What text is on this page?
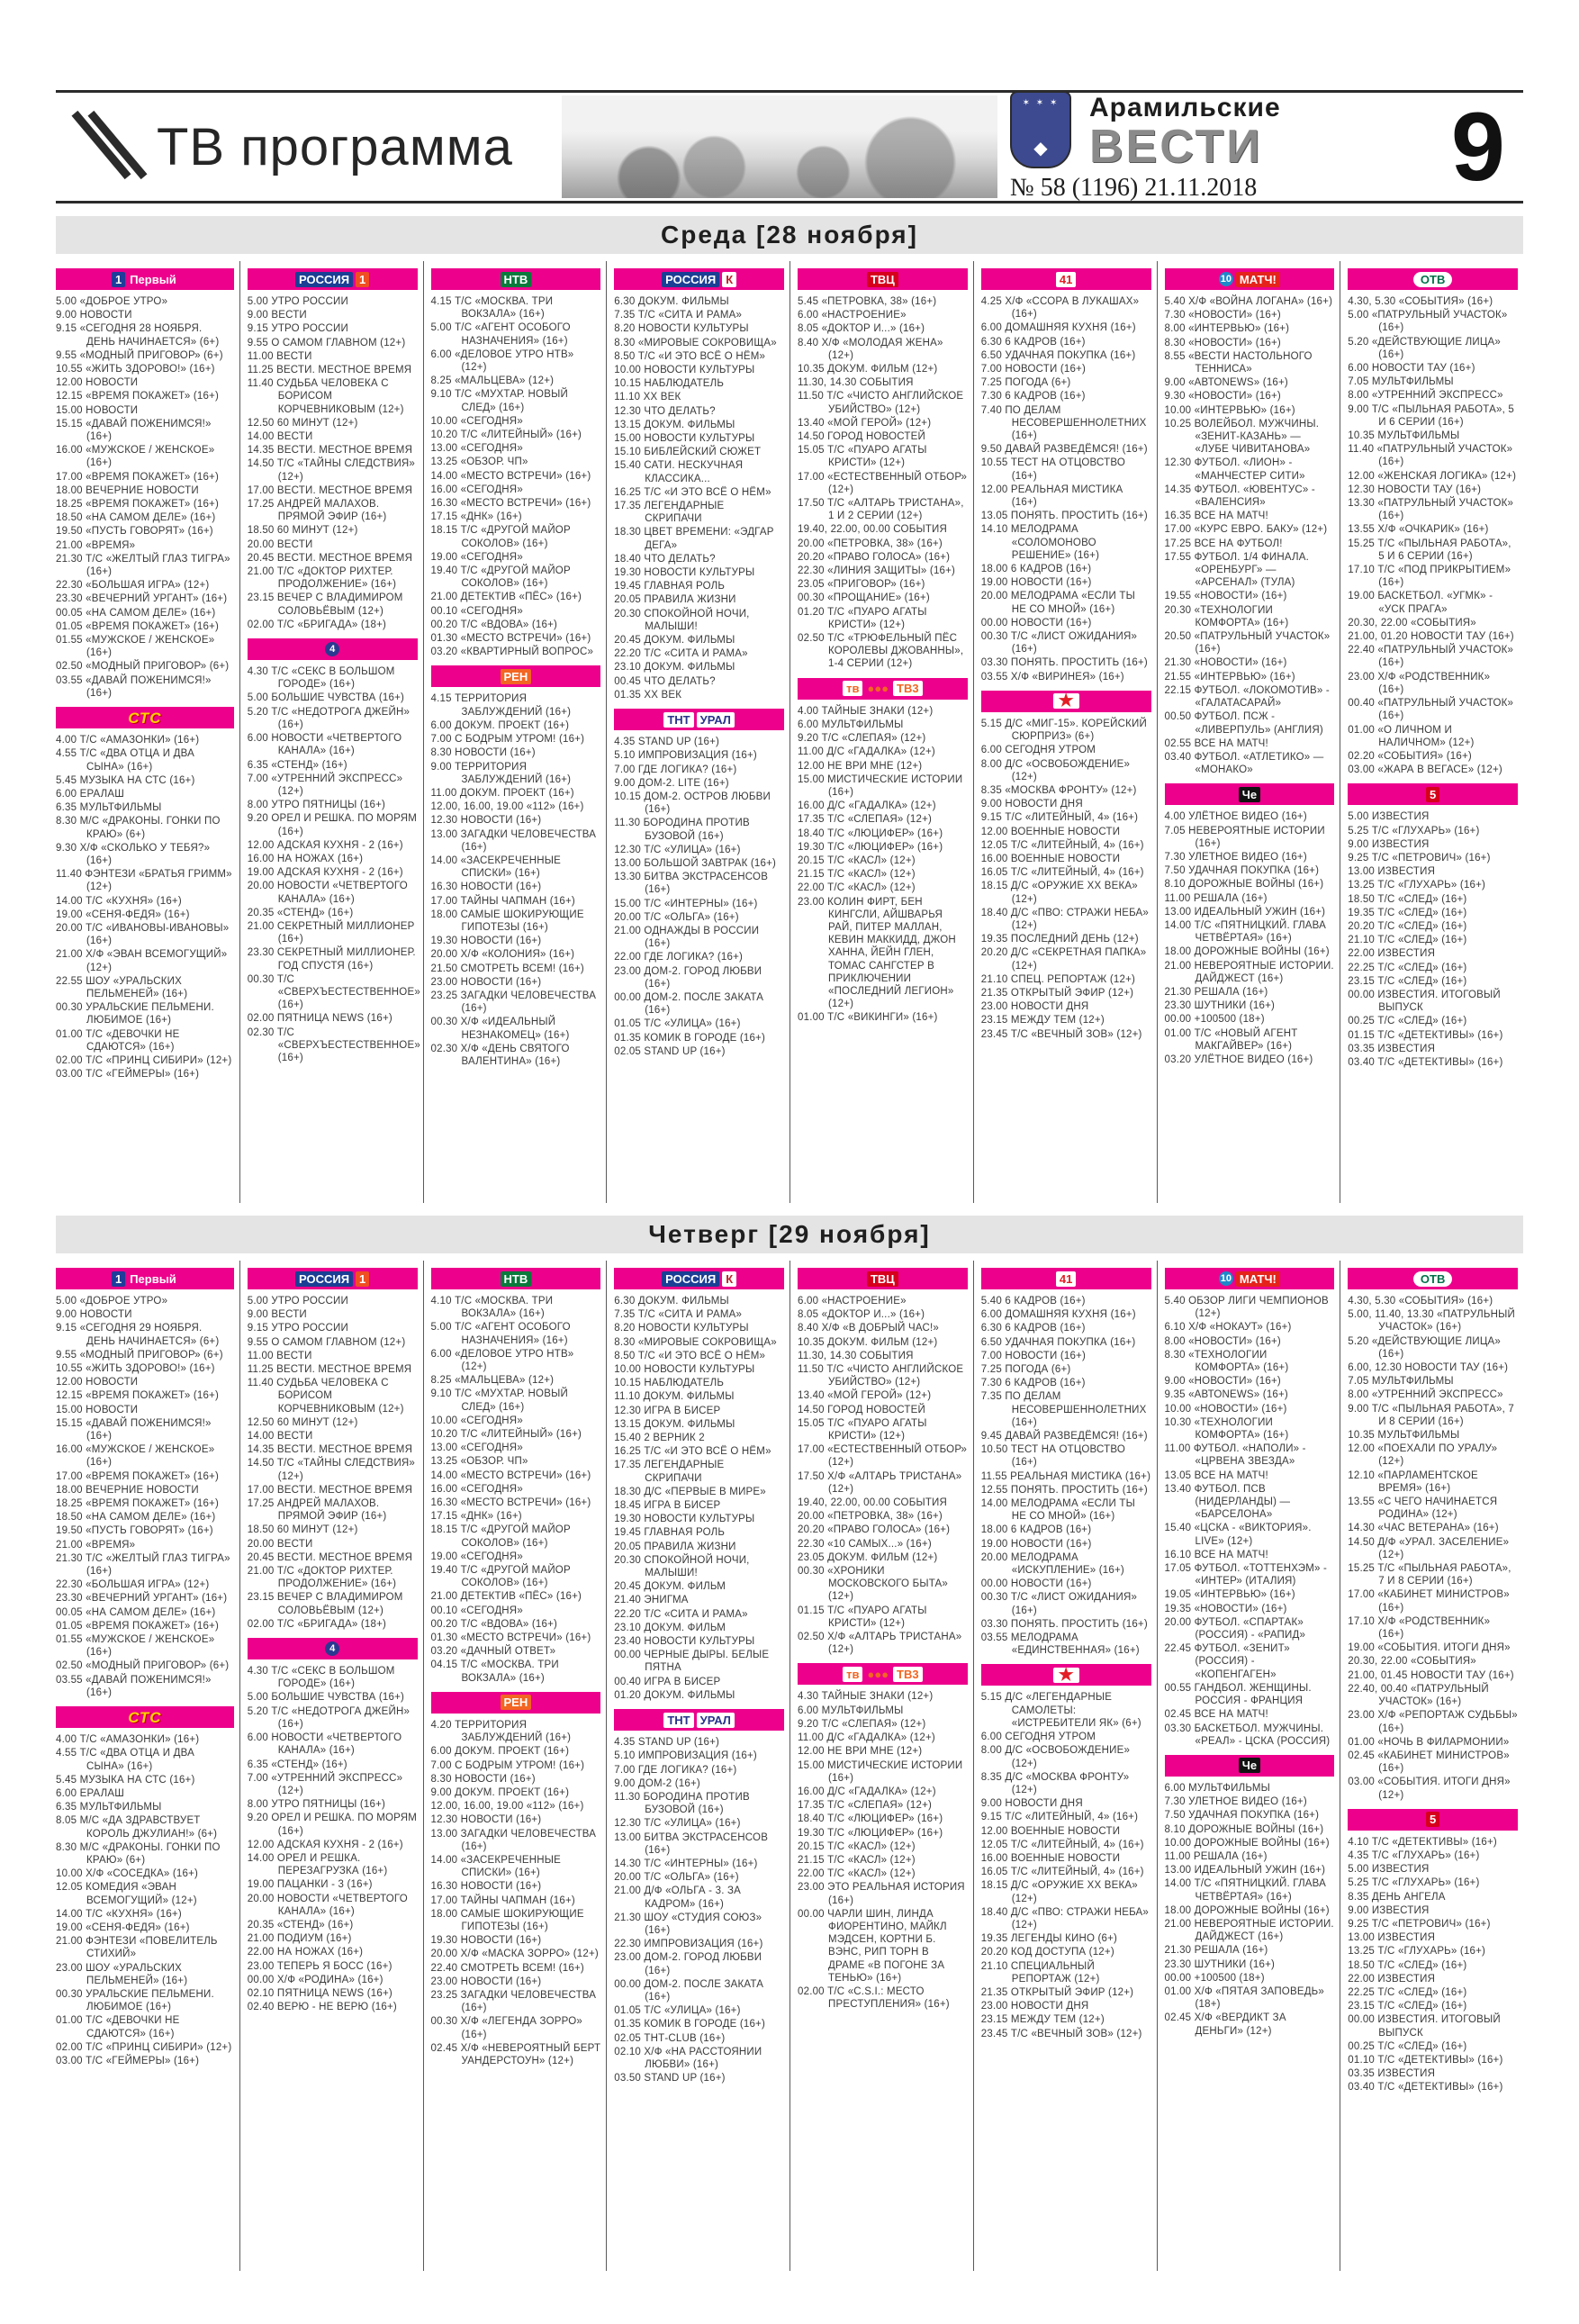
ТВ программа
✶ ✶ ✶ ◆
Арамильские
ВЕСТИ
№ 58 (1196) 21.11.2018	9
Среда [28 ноября]
1 Первый
5.00 «ДОБРОЕ УТРО»
9.00 НОВОСТИ
9.15 «СЕГОДНЯ 28 НОЯБРЯ. ДЕНЬ НАЧИНАЕТСЯ» (6+)
9.55 «МОДНЫЙ ПРИГОВОР» (6+)
10.55 «ЖИТЬ ЗДОРОВО!» (16+)
12.00 НОВОСТИ
12.15 «ВРЕМЯ ПОКАЖЕТ» (16+)
15.00 НОВОСТИ
15.15 «ДАВАЙ ПОЖЕНИМСЯ!» (16+)
16.00 «МУЖСКОЕ / ЖЕНСКОЕ» (16+)
17.00 «ВРЕМЯ ПОКАЖЕТ» (16+)
18.00 ВЕЧЕРНИЕ НОВОСТИ
18.25 «ВРЕМЯ ПОКАЖЕТ» (16+)
18.50 «НА САМОМ ДЕЛЕ» (16+)
19.50 «ПУСТЬ ГОВОРЯТ» (16+)
21.00 «ВРЕМЯ»
21.30 Т/С «ЖЕЛТЫЙ ГЛАЗ ТИГРА» (16+)
22.30 «БОЛЬШАЯ ИГРА» (12+)
23.30 «ВЕЧЕРНИЙ УРГАНТ» (16+)
00.05 «НА САМОМ ДЕЛЕ» (16+)
01.05 «ВРЕМЯ ПОКАЖЕТ» (16+)
01.55 «МУЖСКОЕ / ЖЕНСКОЕ» (16+)
02.50 «МОДНЫЙ ПРИГОВОР» (6+)
03.55 «ДАВАЙ ПОЖЕНИМСЯ!» (16+)
СТС
4.00 Т/С «АМАЗОНКИ» (16+)
4.55 Т/С «ДВА ОТЦА И ДВА СЫНА» (16+)
5.45 МУЗЫКА НА СТС (16+)
6.00 ЕРАЛАШ
6.35 МУЛЬТФИЛЬМЫ
8.30 М/С «ДРАКОНЫ. ГОНКИ ПО КРАЮ» (6+)
9.30 Х/Ф «СКОЛЬКО У ТЕБЯ?» (16+)
11.40 ФЭНТЕЗИ «БРАТЬЯ ГРИММ» (12+)
14.00 Т/С «КУХНЯ» (16+)
19.00 «СЕНЯ-ФЕДЯ» (16+)
20.00 Т/С «ИВАНОВЫ-ИВАНОВЫ» (16+)
21.00 Х/Ф «ЭВАН ВСЕМОГУЩИЙ» (12+)
22.55 ШОУ «УРАЛЬСКИХ ПЕЛЬМЕНЕЙ» (16+)
00.30 УРАЛЬСКИЕ ПЕЛЬМЕНИ. ЛЮБИМОЕ (16+)
01.00 Т/С «ДЕВОЧКИ НЕ СДАЮТСЯ» (16+)
02.00 Т/С «ПРИНЦ СИБИРИ» (12+)
03.00 Т/С «ГЕЙМЕРЫ» (16+)
РОССИЯ 1
5.00 УТРО РОССИИ
9.00 ВЕСТИ
9.15 УТРО РОССИИ
9.55 О САМОМ ГЛАВНОМ (12+)
11.00 ВЕСТИ
11.25 ВЕСТИ. МЕСТНОЕ ВРЕМЯ
11.40 СУДЬБА ЧЕЛОВЕКА С БОРИСОМ КОРЧЕВНИКОВЫМ (12+)
12.50 60 МИНУТ (12+)
14.00 ВЕСТИ
14.35 ВЕСТИ. МЕСТНОЕ ВРЕМЯ
14.50 Т/С «ТАЙНЫ СЛЕДСТВИЯ» (12+)
17.00 ВЕСТИ. МЕСТНОЕ ВРЕМЯ
17.25 АНДРЕЙ МАЛАХОВ. ПРЯМОЙ ЭФИР (16+)
18.50 60 МИНУТ (12+)
20.00 ВЕСТИ
20.45 ВЕСТИ. МЕСТНОЕ ВРЕМЯ
21.00 Т/С «ДОКТОР РИХТЕР. ПРОДОЛЖЕНИЕ» (16+)
23.15 ВЕЧЕР С ВЛАДИМИРОМ СОЛОВЬЁВЫМ (12+)
02.00 Т/С «БРИГАДА» (18+)
4
4.30 Т/С «СЕКС В БОЛЬШОМ ГОРОДЕ» (16+)
5.00 БОЛЬШИЕ ЧУВСТВА (16+)
5.20 Т/С «НЕДОТРОГА ДЖЕЙН» (16+)
6.00 НОВОСТИ «ЧЕТВЕРТОГО КАНАЛА» (16+)
6.35 «СТЕНД» (16+)
7.00 «УТРЕННИЙ ЭКСПРЕСС» (12+)
8.00 УТРО ПЯТНИЦЫ (16+)
9.20 ОРЕЛ И РЕШКА. ПО МОРЯМ (16+)
12.00 АДСКАЯ КУХНЯ - 2 (16+)
16.00 НА НОЖАХ (16+)
19.00 АДСКАЯ КУХНЯ - 2 (16+)
20.00 НОВОСТИ «ЧЕТВЕРТОГО КАНАЛА» (16+)
20.35 «СТЕНД» (16+)
21.00 СЕКРЕТНЫЙ МИЛЛИОНЕР (16+)
23.30 СЕКРЕТНЫЙ МИЛЛИОНЕР. ГОД СПУСТЯ (16+)
00.30 Т/С «СВЕРХЪЕСТЕСТВЕННОЕ» (16+)
02.00 ПЯТНИЦА NEWS (16+)
02.30 Т/С «СВЕРХЪЕСТЕСТВЕННОЕ» (16+)
НТВ
4.15 Т/С «МОСКВА. ТРИ ВОКЗАЛА» (16+)
5.00 Т/С «АГЕНТ ОСОБОГО НАЗНАЧЕНИЯ» (16+)
6.00 «ДЕЛОВОЕ УТРО НТВ» (12+)
8.25 «МАЛЬЦЕВА» (12+)
9.10 Т/С «МУХТАР. НОВЫЙ СЛЕД» (16+)
10.00 «СЕГОДНЯ»
10.20 Т/С «ЛИТЕЙНЫЙ» (16+)
13.00 «СЕГОДНЯ»
13.25 «ОБЗОР. ЧП»
14.00 «МЕСТО ВСТРЕЧИ» (16+)
16.00 «СЕГОДНЯ»
16.30 «МЕСТО ВСТРЕЧИ» (16+)
17.15 «ДНК» (16+)
18.15 Т/С «ДРУГОЙ МАЙОР СОКОЛОВ» (16+)
19.00 «СЕГОДНЯ»
19.40 Т/С «ДРУГОЙ МАЙОР СОКОЛОВ» (16+)
21.00 ДЕТЕКТИВ «ПЁС» (16+)
00.10 «СЕГОДНЯ»
00.20 Т/С «ВДОВА» (16+)
01.30 «МЕСТО ВСТРЕЧИ» (16+)
03.20 «КВАРТИРНЫЙ ВОПРОС»
РЕН
4.15 ТЕРРИТОРИЯ ЗАБЛУЖДЕНИЙ (16+)
6.00 ДОКУМ. ПРОЕКТ (16+)
7.00 С БОДРЫМ УТРОМ! (16+)
8.30 НОВОСТИ (16+)
9.00 ТЕРРИТОРИЯ ЗАБЛУЖДЕНИЙ (16+)
11.00 ДОКУМ. ПРОЕКТ (16+)
12.00, 16.00, 19.00 «112» (16+)
12.30 НОВОСТИ (16+)
13.00 ЗАГАДКИ ЧЕЛОВЕЧЕСТВА (16+)
14.00 «ЗАСЕКРЕЧЕННЫЕ СПИСКИ» (16+)
16.30 НОВОСТИ (16+)
17.00 ТАЙНЫ ЧАПМАН (16+)
18.00 САМЫЕ ШОКИРУЮЩИЕ ГИПОТЕЗЫ (16+)
19.30 НОВОСТИ (16+)
20.00 Х/Ф «КОЛОНИЯ» (16+)
21.50 СМОТРЕТЬ ВСЕМ! (16+)
23.00 НОВОСТИ (16+)
23.25 ЗАГАДКИ ЧЕЛОВЕЧЕСТВА (16+)
00.30 Х/Ф «ИДЕАЛЬНЫЙ НЕЗНАКОМЕЦ» (16+)
02.30 Х/Ф «ДЕНЬ СВЯТОГО ВАЛЕНТИНА» (16+)
РОССИЯ К
6.30 ДОКУМ. ФИЛЬМЫ
7.35 Т/С «СИТА И РАМА»
8.20 НОВОСТИ КУЛЬТУРЫ
8.30 «МИРОВЫЕ СОКРОВИЩА»
8.50 Т/С «И ЭТО ВСЁ О НЁМ»
10.00 НОВОСТИ КУЛЬТУРЫ
10.15 НАБЛЮДАТЕЛЬ
11.10 ХХ ВЕК
12.30 ЧТО ДЕЛАТЬ?
13.15 ДОКУМ. ФИЛЬМЫ
15.00 НОВОСТИ КУЛЬТУРЫ
15.10 БИБЛЕЙСКИЙ СЮЖЕТ
15.40 САТИ. НЕСКУЧНАЯ КЛАССИКА...
16.25 Т/С «И ЭТО ВСЁ О НЁМ»
17.35 ЛЕГЕНДАРНЫЕ СКРИПАЧИ
18.30 ЦВЕТ ВРЕМЕНИ: «ЭДГАР ДЕГА»
18.40 ЧТО ДЕЛАТЬ?
19.30 НОВОСТИ КУЛЬТУРЫ
19.45 ГЛАВНАЯ РОЛЬ
20.05 ПРАВИЛА ЖИЗНИ
20.30 СПОКОЙНОЙ НОЧИ, МАЛЫШИ!
20.45 ДОКУМ. ФИЛЬМЫ
22.20 Т/С «СИТА И РАМА»
23.10 ДОКУМ. ФИЛЬМЫ
00.45 ЧТО ДЕЛАТЬ?
01.35 ХХ ВЕК
ТНТ УРАЛ
4.35 STAND UP (16+)
5.10 ИМПРОВИЗАЦИЯ (16+)
7.00 ГДЕ ЛОГИКА? (16+)
9.00 ДОМ-2. LITE (16+)
10.15 ДОМ-2. ОСТРОВ ЛЮБВИ (16+)
11.30 БОРОДИНА ПРОТИВ БУЗОВОЙ (16+)
12.30 Т/С «УЛИЦА» (16+)
13.00 БОЛЬШОЙ ЗАВТРАК (16+)
13.30 БИТВА ЭКСТРАСЕНСОВ (16+)
15.00 Т/С «ИНТЕРНЫ» (16+)
20.00 Т/С «ОЛЬГА» (16+)
21.00 ОДНАЖДЫ В РОССИИ (16+)
22.00 ГДЕ ЛОГИКА? (16+)
23.00 ДОМ-2. ГОРОД ЛЮБВИ (16+)
00.00 ДОМ-2. ПОСЛЕ ЗАКАТА (16+)
01.05 Т/С «УЛИЦА» (16+)
01.35 КОМИК В ГОРОДЕ (16+)
02.05 STAND UP (16+)
ТВЦ
5.45 «ПЕТРОВКА, 38» (16+)
6.00 «НАСТРОЕНИЕ»
8.05 «ДОКТОР И...» (16+)
8.40 Х/Ф «МОЛОДАЯ ЖЕНА» (12+)
10.35 ДОКУМ. ФИЛЬМ (12+)
11.30, 14.30 СОБЫТИЯ
11.50 Т/С «ЧИСТО АНГЛИЙСКОЕ УБИЙСТВО» (12+)
13.40 «МОЙ ГЕРОЙ» (12+)
14.50 ГОРОД НОВОСТЕЙ
15.05 Т/С «ПУАРО АГАТЫ КРИСТИ» (12+)
17.00 «ЕСТЕСТВЕННЫЙ ОТБОР» (12+)
17.50 Т/С «АЛТАРЬ ТРИСТАНА», 1 И 2 СЕРИИ (12+)
19.40, 22.00, 00.00 СОБЫТИЯ
20.00 «ПЕТРОВКА, 38» (16+)
20.20 «ПРАВО ГОЛОСА» (16+)
22.30 «ЛИНИЯ ЗАЩИТЫ» (16+)
23.05 «ПРИГОВОР» (16+)
00.30 «ПРОЩАНИЕ» (16+)
01.20 Т/С «ПУАРО АГАТЫ КРИСТИ» (12+)
02.50 Т/С «ТРЮФЕЛЬНЫЙ ПЁС КОРОЛЕВЫ ДЖОВАННЫ», 1-4 СЕРИИ (12+)
тв ●●● ТВ3
4.00 ТАЙНЫЕ ЗНАКИ (12+)
6.00 МУЛЬТФИЛЬМЫ
9.20 Т/С «СЛЕПАЯ» (12+)
11.00 Д/С «ГАДАЛКА» (12+)
12.00 НЕ ВРИ МНЕ (12+)
15.00 МИСТИЧЕСКИЕ ИСТОРИИ (16+)
16.00 Д/С «ГАДАЛКА» (12+)
17.35 Т/С «СЛЕПАЯ» (12+)
18.40 Т/С «ЛЮЦИФЕР» (16+)
19.30 Т/С «ЛЮЦИФЕР» (16+)
20.15 Т/С «КАСЛ» (12+)
21.15 Т/С «КАСЛ» (12+)
22.00 Т/С «КАСЛ» (12+)
23.00 КОЛИН ФИРТ, БЕН КИНГСЛИ, АЙШВАРЬЯ РАЙ, ПИТЕР МАЛЛАН, КЕВИН МАККИДД, ДЖОН ХАННА, ЙЕЙН ГЛЕН, ТОМАС САНГСТЕР В ПРИКЛЮЧЕНИИ «ПОСЛЕДНИЙ ЛЕГИОН» (12+)
01.00 Т/С «ВИКИНГИ» (16+)
41
4.25 Х/Ф «ССОРА В ЛУКАШАХ» (16+)
6.00 ДОМАШНЯЯ КУХНЯ (16+)
6.30 6 КАДРОВ (16+)
6.50 УДАЧНАЯ ПОКУПКА (16+)
7.00 НОВОСТИ (16+)
7.25 ПОГОДА (6+)
7.30 6 КАДРОВ (16+)
7.40 ПО ДЕЛАМ НЕСОВЕРШЕННОЛЕТНИХ (16+)
9.50 ДАВАЙ РАЗВЕДЁМСЯ! (16+)
10.55 ТЕСТ НА ОТЦОВСТВО (16+)
12.00 РЕАЛЬНАЯ МИСТИКА (16+)
13.05 ПОНЯТЬ. ПРОСТИТЬ (16+)
14.10 МЕЛОДРАМА «СОЛОМОНОВО РЕШЕНИЕ» (16+)
18.00 6 КАДРОВ (16+)
19.00 НОВОСТИ (16+)
20.00 МЕЛОДРАМА «ЕСЛИ ТЫ НЕ СО МНОЙ» (16+)
00.00 НОВОСТИ (16+)
00.30 Т/С «ЛИСТ ОЖИДАНИЯ» (16+)
03.30 ПОНЯТЬ. ПРОСТИТЬ (16+)
03.55 Х/Ф «ВИРИНЕЯ» (16+)
★
5.15 Д/С «МИГ-15». КОРЕЙСКИЙ СЮРПРИЗ» (6+)
6.00 СЕГОДНЯ УТРОМ
8.00 Д/С «ОСВОБОЖДЕНИЕ» (12+)
8.35 «МОСКВА ФРОНТУ» (12+)
9.00 НОВОСТИ ДНЯ
9.15 Т/С «ЛИТЕЙНЫЙ, 4» (16+)
12.00 ВОЕННЫЕ НОВОСТИ
12.05 Т/С «ЛИТЕЙНЫЙ, 4» (16+)
16.00 ВОЕННЫЕ НОВОСТИ
16.05 Т/С «ЛИТЕЙНЫЙ, 4» (16+)
18.15 Д/С «ОРУЖИЕ ХХ ВЕКА» (12+)
18.40 Д/С «ПВО: СТРАЖИ НЕБА» (12+)
19.35 ПОСЛЕДНИЙ ДЕНЬ (12+)
20.20 Д/С «СЕКРЕТНАЯ ПАПКА» (12+)
21.10 СПЕЦ. РЕПОРТАЖ (12+)
21.35 ОТКРЫТЫЙ ЭФИР (12+)
23.00 НОВОСТИ ДНЯ
23.15 МЕЖДУ ТЕМ (12+)
23.45 Т/С «ВЕЧНЫЙ ЗОВ» (12+)
10 МАТЧ!
5.40 Х/Ф «ВОЙНА ЛОГАНА» (16+)
7.30 «НОВОСТИ» (16+)
8.00 «ИНТЕРВЬЮ» (16+)
8.30 «НОВОСТИ» (16+)
8.55 «ВЕСТИ НАСТОЛЬНОГО ТЕННИСА»
9.00 «АВТОNEWS» (16+)
9.30 «НОВОСТИ» (16+)
10.00 «ИНТЕРВЬЮ» (16+)
10.25 ВОЛЕЙБОЛ. МУЖЧИНЫ. «ЗЕНИТ-КАЗАНЬ» — «ЛУБЕ ЧИВИТАНОВА»
12.30 ФУТБОЛ. «ЛИОН» - «МАНЧЕСТЕР СИТИ»
14.35 ФУТБОЛ. «ЮВЕНТУС» - «ВАЛЕНСИЯ»
16.35 ВСЕ НА МАТЧ!
17.00 «КУРС ЕВРО. БАКУ» (12+)
17.25 ВСЕ НА ФУТБОЛ!
17.55 ФУТБОЛ. 1/4 ФИНАЛА. «ОРЕНБУРГ» — «АРСЕНАЛ» (ТУЛА)
19.55 «НОВОСТИ» (16+)
20.30 «ТЕХНОЛОГИИ КОМФОРТА» (16+)
20.50 «ПАТРУЛЬНЫЙ УЧАСТОК» (16+)
21.30 «НОВОСТИ» (16+)
21.55 «ИНТЕРВЬЮ» (16+)
22.15 ФУТБОЛ. «ЛОКОМОТИВ» - «ГАЛАТАСАРАЙ»
00.50 ФУТБОЛ. ПСЖ - «ЛИВЕРПУЛЬ» (АНГЛИЯ)
02.55 ВСЕ НА МАТЧ!
03.40 ФУТБОЛ. «АТЛЕТИКО» — «МОНАКО»
Че
4.00 УЛЁТНОЕ ВИДЕО (16+)
7.05 НЕВЕРОЯТНЫЕ ИСТОРИИ (16+)
7.30 УЛЕТНОЕ ВИДЕО (16+)
7.50 УДАЧНАЯ ПОКУПКА (16+)
8.10 ДОРОЖНЫЕ ВОЙНЫ (16+)
11.00 РЕШАЛА (16+)
13.00 ИДЕАЛЬНЫЙ УЖИН (16+)
14.00 Т/С «ПЯТНИЦКИЙ. ГЛАВА ЧЕТВЁРТАЯ» (16+)
18.00 ДОРОЖНЫЕ ВОЙНЫ (16+)
21.00 НЕВЕРОЯТНЫЕ ИСТОРИИ. ДАЙДЖЕСТ (16+)
21.30 РЕШАЛА (16+)
23.30 ШУТНИКИ (16+)
00.00 +100500 (18+)
01.00 Т/С «НОВЫЙ АГЕНТ МАКГАЙВЕР» (16+)
03.20 УЛЁТНОЕ ВИДЕО (16+)
ОТВ
4.30, 5.30 «СОБЫТИЯ» (16+)
5.00 «ПАТРУЛЬНЫЙ УЧАСТОК» (16+)
5.20 «ДЕЙСТВУЮЩИЕ ЛИЦА» (16+)
6.00 НОВОСТИ ТАУ (16+)
7.05 МУЛЬТФИЛЬМЫ
8.00 «УТРЕННИЙ ЭКСПРЕСС»
9.00 Т/С «ПЫЛЬНАЯ РАБОТА», 5 И 6 СЕРИИ (16+)
10.35 МУЛЬТФИЛЬМЫ
11.40 «ПАТРУЛЬНЫЙ УЧАСТОК» (16+)
12.00 «ЖЕНСКАЯ ЛОГИКА» (12+)
12.30 НОВОСТИ ТАУ (16+)
13.30 «ПАТРУЛЬНЫЙ УЧАСТОК» (16+)
13.55 Х/Ф «ОЧКАРИК» (16+)
15.25 Т/С «ПЫЛЬНАЯ РАБОТА», 5 И 6 СЕРИИ (16+)
17.10 Т/С «ПОД ПРИКРЫТИЕМ» (16+)
19.00 БАСКЕТБОЛ. «УГМК» - «УСК ПРАГА»
20.30, 22.00 «СОБЫТИЯ»
21.00, 01.20 НОВОСТИ ТАУ (16+)
22.40 «ПАТРУЛЬНЫЙ УЧАСТОК» (16+)
23.00 Х/Ф «РОДСТВЕННИК» (16+)
00.40 «ПАТРУЛЬНЫЙ УЧАСТОК» (16+)
01.00 «О ЛИЧНОМ И НАЛИЧНОМ» (12+)
02.20 «СОБЫТИЯ» (16+)
03.00 «ЖАРА В ВЕГАСЕ» (12+)
5
5.00 ИЗВЕСТИЯ
5.25 Т/С «ГЛУХАРЬ» (16+)
9.00 ИЗВЕСТИЯ
9.25 Т/С «ПЕТРОВИЧ» (16+)
13.00 ИЗВЕСТИЯ
13.25 Т/С «ГЛУХАРЬ» (16+)
18.50 Т/С «СЛЕД» (16+)
19.35 Т/С «СЛЕД» (16+)
20.20 Т/С «СЛЕД» (16+)
21.10 Т/С «СЛЕД» (16+)
22.00 ИЗВЕСТИЯ
22.25 Т/С «СЛЕД» (16+)
23.15 Т/С «СЛЕД» (16+)
00.00 ИЗВЕСТИЯ. ИТОГОВЫЙ ВЫПУСК
00.25 Т/С «СЛЕД» (16+)
01.15 Т/С «ДЕТЕКТИВЫ» (16+)
03.35 ИЗВЕСТИЯ
03.40 Т/С «ДЕТЕКТИВЫ» (16+)
Четверг [29 ноября]
1 Первый
5.00 «ДОБРОЕ УТРО»
9.00 НОВОСТИ
9.15 «СЕГОДНЯ 29 НОЯБРЯ. ДЕНЬ НАЧИНАЕТСЯ» (6+)
9.55 «МОДНЫЙ ПРИГОВОР» (6+)
10.55 «ЖИТЬ ЗДОРОВО!» (16+)
12.00 НОВОСТИ
12.15 «ВРЕМЯ ПОКАЖЕТ» (16+)
15.00 НОВОСТИ
15.15 «ДАВАЙ ПОЖЕНИМСЯ!» (16+)
16.00 «МУЖСКОЕ / ЖЕНСКОЕ» (16+)
17.00 «ВРЕМЯ ПОКАЖЕТ» (16+)
18.00 ВЕЧЕРНИЕ НОВОСТИ
18.25 «ВРЕМЯ ПОКАЖЕТ» (16+)
18.50 «НА САМОМ ДЕЛЕ» (16+)
19.50 «ПУСТЬ ГОВОРЯТ» (16+)
21.00 «ВРЕМЯ»
21.30 Т/С «ЖЕЛТЫЙ ГЛАЗ ТИГРА» (16+)
22.30 «БОЛЬШАЯ ИГРА» (12+)
23.30 «ВЕЧЕРНИЙ УРГАНТ» (16+)
00.05 «НА САМОМ ДЕЛЕ» (16+)
01.05 «ВРЕМЯ ПОКАЖЕТ» (16+)
01.55 «МУЖСКОЕ / ЖЕНСКОЕ» (16+)
02.50 «МОДНЫЙ ПРИГОВОР» (6+)
03.55 «ДАВАЙ ПОЖЕНИМСЯ!» (16+)
СТС
4.00 Т/С «АМАЗОНКИ» (16+)
4.55 Т/С «ДВА ОТЦА И ДВА СЫНА» (16+)
5.45 МУЗЫКА НА СТС (16+)
6.00 ЕРАЛАШ
6.35 МУЛЬТФИЛЬМЫ
8.05 М/С «ДА ЗДРАВСТВУЕТ КОРОЛЬ ДЖУЛИАН!» (6+)
8.30 М/С «ДРАКОНЫ. ГОНКИ ПО КРАЮ» (6+)
10.00 Х/Ф «СОСЕДКА» (16+)
12.05 КОМЕДИЯ «ЭВАН ВСЕМОГУЩИЙ» (12+)
14.00 Т/С «КУХНЯ» (16+)
19.00 «СЕНЯ-ФЕДЯ» (16+)
21.00 ФЭНТЕЗИ «ПОВЕЛИТЕЛЬ СТИХИЙ»
23.00 ШОУ «УРАЛЬСКИХ ПЕЛЬМЕНЕЙ» (16+)
00.30 УРАЛЬСКИЕ ПЕЛЬМЕНИ. ЛЮБИМОЕ (16+)
01.00 Т/С «ДЕВОЧКИ НЕ СДАЮТСЯ» (16+)
02.00 Т/С «ПРИНЦ СИБИРИ» (12+)
03.00 Т/С «ГЕЙМЕРЫ» (16+)
РОССИЯ 1
5.00 УТРО РОССИИ
9.00 ВЕСТИ
9.15 УТРО РОССИИ
9.55 О САМОМ ГЛАВНОМ (12+)
11.00 ВЕСТИ
11.25 ВЕСТИ. МЕСТНОЕ ВРЕМЯ
11.40 СУДЬБА ЧЕЛОВЕКА С БОРИСОМ КОРЧЕВНИКОВЫМ (12+)
12.50 60 МИНУТ (12+)
14.00 ВЕСТИ
14.35 ВЕСТИ. МЕСТНОЕ ВРЕМЯ
14.50 Т/С «ТАЙНЫ СЛЕДСТВИЯ» (12+)
17.00 ВЕСТИ. МЕСТНОЕ ВРЕМЯ
17.25 АНДРЕЙ МАЛАХОВ. ПРЯМОЙ ЭФИР (16+)
18.50 60 МИНУТ (12+)
20.00 ВЕСТИ
20.45 ВЕСТИ. МЕСТНОЕ ВРЕМЯ
21.00 Т/С «ДОКТОР РИХТЕР. ПРОДОЛЖЕНИЕ» (16+)
23.15 ВЕЧЕР С ВЛАДИМИРОМ СОЛОВЬЁВЫМ (12+)
02.00 Т/С «БРИГАДА» (18+)
4
4.30 Т/С «СЕКС В БОЛЬШОМ ГОРОДЕ» (16+)
5.00 БОЛЬШИЕ ЧУВСТВА (16+)
5.20 Т/С «НЕДОТРОГА ДЖЕЙН» (16+)
6.00 НОВОСТИ «ЧЕТВЕРТОГО КАНАЛА» (16+)
6.35 «СТЕНД» (16+)
7.00 «УТРЕННИЙ ЭКСПРЕСС» (12+)
8.00 УТРО ПЯТНИЦЫ (16+)
9.20 ОРЕЛ И РЕШКА. ПО МОРЯМ (16+)
12.00 АДСКАЯ КУХНЯ - 2 (16+)
14.00 ОРЕЛ И РЕШКА. ПЕРЕЗАГРУЗКА (16+)
19.00 ПАЦАНКИ - 3 (16+)
20.00 НОВОСТИ «ЧЕТВЕРТОГО КАНАЛА» (16+)
20.35 «СТЕНД» (16+)
21.00 ПОДИУМ (16+)
22.00 НА НОЖАХ (16+)
23.00 ТЕПЕРЬ Я БОСС (16+)
00.00 Х/Ф «РОДИНА» (16+)
02.10 ПЯТНИЦА NEWS (16+)
02.40 ВЕРЮ - НЕ ВЕРЮ (16+)
НТВ
4.10 Т/С «МОСКВА. ТРИ ВОКЗАЛА» (16+)
5.00 Т/С «АГЕНТ ОСОБОГО НАЗНАЧЕНИЯ» (16+)
6.00 «ДЕЛОВОЕ УТРО НТВ» (12+)
8.25 «МАЛЬЦЕВА» (12+)
9.10 Т/С «МУХТАР. НОВЫЙ СЛЕД» (16+)
10.00 «СЕГОДНЯ»
10.20 Т/С «ЛИТЕЙНЫЙ» (16+)
13.00 «СЕГОДНЯ»
13.25 «ОБЗОР. ЧП»
14.00 «МЕСТО ВСТРЕЧИ» (16+)
16.00 «СЕГОДНЯ»
16.30 «МЕСТО ВСТРЕЧИ» (16+)
17.15 «ДНК» (16+)
18.15 Т/С «ДРУГОЙ МАЙОР СОКОЛОВ» (16+)
19.00 «СЕГОДНЯ»
19.40 Т/С «ДРУГОЙ МАЙОР СОКОЛОВ» (16+)
21.00 ДЕТЕКТИВ «ПЁС» (16+)
00.10 «СЕГОДНЯ»
00.20 Т/С «ВДОВА» (16+)
01.30 «МЕСТО ВСТРЕЧИ» (16+)
03.20 «ДАЧНЫЙ ОТВЕТ»
04.15 Т/С «МОСКВА. ТРИ ВОКЗАЛА» (16+)
РЕН
4.20 ТЕРРИТОРИЯ ЗАБЛУЖДЕНИЙ (16+)
6.00 ДОКУМ. ПРОЕКТ (16+)
7.00 С БОДРЫМ УТРОМ! (16+)
8.30 НОВОСТИ (16+)
9.00 ДОКУМ. ПРОЕКТ (16+)
12.00, 16.00, 19.00 «112» (16+)
12.30 НОВОСТИ (16+)
13.00 ЗАГАДКИ ЧЕЛОВЕЧЕСТВА (16+)
14.00 «ЗАСЕКРЕЧЕННЫЕ СПИСКИ» (16+)
16.30 НОВОСТИ (16+)
17.00 ТАЙНЫ ЧАПМАН (16+)
18.00 САМЫЕ ШОКИРУЮЩИЕ ГИПОТЕЗЫ (16+)
19.30 НОВОСТИ (16+)
20.00 Х/Ф «МАСКА ЗОРРО» (12+)
22.40 СМОТРЕТЬ ВСЕМ! (16+)
23.00 НОВОСТИ (16+)
23.25 ЗАГАДКИ ЧЕЛОВЕЧЕСТВА (16+)
00.30 Х/Ф «ЛЕГЕНДА ЗОРРО» (16+)
02.45 Х/Ф «НЕВЕРОЯТНЫЙ БЕРТ УАНДЕРСТОУН» (12+)
РОССИЯ К
6.30 ДОКУМ. ФИЛЬМЫ
7.35 Т/С «СИТА И РАМА»
8.20 НОВОСТИ КУЛЬТУРЫ
8.30 «МИРОВЫЕ СОКРОВИЩА»
8.50 Т/С «И ЭТО ВСЁ О НЁМ»
10.00 НОВОСТИ КУЛЬТУРЫ
10.15 НАБЛЮДАТЕЛЬ
11.10 ДОКУМ. ФИЛЬМЫ
12.30 ИГРА В БИСЕР
13.15 ДОКУМ. ФИЛЬМЫ
15.40 2 ВЕРНИК 2
16.25 Т/С «И ЭТО ВСЁ О НЁМ»
17.35 ЛЕГЕНДАРНЫЕ СКРИПАЧИ
18.30 Д/С «ПЕРВЫЕ В МИРЕ»
18.45 ИГРА В БИСЕР
19.30 НОВОСТИ КУЛЬТУРЫ
19.45 ГЛАВНАЯ РОЛЬ
20.05 ПРАВИЛА ЖИЗНИ
20.30 СПОКОЙНОЙ НОЧИ, МАЛЫШИ!
20.45 ДОКУМ. ФИЛЬМ
21.40 ЭНИГМА
22.20 Т/С «СИТА И РАМА»
23.10 ДОКУМ. ФИЛЬМ
23.40 НОВОСТИ КУЛЬТУРЫ
00.00 ЧЕРНЫЕ ДЫРЫ. БЕЛЫЕ ПЯТНА
00.40 ИГРА В БИСЕР
01.20 ДОКУМ. ФИЛЬМЫ
ТНТ УРАЛ
4.35 STAND UP (16+)
5.10 ИМПРОВИЗАЦИЯ (16+)
7.00 ГДЕ ЛОГИКА? (16+)
9.00 ДОМ-2 (16+)
11.30 БОРОДИНА ПРОТИВ БУЗОВОЙ (16+)
12.30 Т/С «УЛИЦА» (16+)
13.00 БИТВА ЭКСТРАСЕНСОВ (16+)
14.30 Т/С «ИНТЕРНЫ» (16+)
20.00 Т/С «ОЛЬГА» (16+)
21.00 Д/Ф «ОЛЬГА - 3. ЗА КАДРОМ» (16+)
21.30 ШОУ «СТУДИЯ СОЮЗ» (16+)
22.30 ИМПРОВИЗАЦИЯ (16+)
23.00 ДОМ-2. ГОРОД ЛЮБВИ (16+)
00.00 ДОМ-2. ПОСЛЕ ЗАКАТА (16+)
01.05 Т/С «УЛИЦА» (16+)
01.35 КОМИК В ГОРОДЕ (16+)
02.05 ТНТ-CLUB (16+)
02.10 Х/Ф «НА РАССТОЯНИИ ЛЮБВИ» (16+)
03.50 STAND UP (16+)
ТВЦ
6.00 «НАСТРОЕНИЕ»
8.05 «ДОКТОР И...» (16+)
8.40 Х/Ф «В ДОБРЫЙ ЧАС!»
10.35 ДОКУМ. ФИЛЬМ (12+)
11.30, 14.30 СОБЫТИЯ
11.50 Т/С «ЧИСТО АНГЛИЙСКОЕ УБИЙСТВО» (12+)
13.40 «МОЙ ГЕРОЙ» (12+)
14.50 ГОРОД НОВОСТЕЙ
15.05 Т/С «ПУАРО АГАТЫ КРИСТИ» (12+)
17.00 «ЕСТЕСТВЕННЫЙ ОТБОР» (12+)
17.50 Х/Ф «АЛТАРЬ ТРИСТАНА» (12+)
19.40, 22.00, 00.00 СОБЫТИЯ
20.00 «ПЕТРОВКА, 38» (16+)
20.20 «ПРАВО ГОЛОСА» (16+)
22.30 «10 САМЫХ...» (16+)
23.05 ДОКУМ. ФИЛЬМ (12+)
00.30 «ХРОНИКИ МОСКОВСКОГО БЫТА» (12+)
01.15 Т/С «ПУАРО АГАТЫ КРИСТИ» (12+)
02.50 Х/Ф «АЛТАРЬ ТРИСТАНА» (12+)
тв ●●● ТВ3
4.30 ТАЙНЫЕ ЗНАКИ (12+)
6.00 МУЛЬТФИЛЬМЫ
9.20 Т/С «СЛЕПАЯ» (12+)
11.00 Д/С «ГАДАЛКА» (12+)
12.00 НЕ ВРИ МНЕ (12+)
15.00 МИСТИЧЕСКИЕ ИСТОРИИ (16+)
16.00 Д/С «ГАДАЛКА» (12+)
17.35 Т/С «СЛЕПАЯ» (12+)
18.40 Т/С «ЛЮЦИФЕР» (16+)
19.30 Т/С «ЛЮЦИФЕР» (16+)
20.15 Т/С «КАСЛ» (12+)
21.15 Т/С «КАСЛ» (12+)
22.00 Т/С «КАСЛ» (12+)
23.00 ЭТО РЕАЛЬНАЯ ИСТОРИЯ (16+)
00.00 ЧАРЛИ ШИН, ЛИНДА ФИОРЕНТИНО, МАЙКЛ МЭДСЕН, КОРТНИ Б. ВЭНС, РИП ТОРН В ДРАМЕ «В ПОГОНЕ ЗА ТЕНЬЮ» (16+)
02.00 Т/С «C.S.I.: МЕСТО ПРЕСТУПЛЕНИЯ» (16+)
41
5.40 6 КАДРОВ (16+)
6.00 ДОМАШНЯЯ КУХНЯ (16+)
6.30 6 КАДРОВ (16+)
6.50 УДАЧНАЯ ПОКУПКА (16+)
7.00 НОВОСТИ (16+)
7.25 ПОГОДА (6+)
7.30 6 КАДРОВ (16+)
7.35 ПО ДЕЛАМ НЕСОВЕРШЕННОЛЕТНИХ (16+)
9.45 ДАВАЙ РАЗВЕДЁМСЯ! (16+)
10.50 ТЕСТ НА ОТЦОВСТВО (16+)
11.55 РЕАЛЬНАЯ МИСТИКА (16+)
12.55 ПОНЯТЬ. ПРОСТИТЬ (16+)
14.00 МЕЛОДРАМА «ЕСЛИ ТЫ НЕ СО МНОЙ» (16+)
18.00 6 КАДРОВ (16+)
19.00 НОВОСТИ (16+)
20.00 МЕЛОДРАМА «ИСКУПЛЕНИЕ» (16+)
00.00 НОВОСТИ (16+)
00.30 Т/С «ЛИСТ ОЖИДАНИЯ» (16+)
03.30 ПОНЯТЬ. ПРОСТИТЬ (16+)
03.55 МЕЛОДРАМА «ЕДИНСТВЕННАЯ» (16+)
★
5.15 Д/С «ЛЕГЕНДАРНЫЕ САМОЛЕТЫ: «ИСТРЕБИТЕЛИ ЯК» (6+)
6.00 СЕГОДНЯ УТРОМ
8.00 Д/С «ОСВОБОЖДЕНИЕ» (12+)
8.35 Д/С «МОСКВА ФРОНТУ» (12+)
9.00 НОВОСТИ ДНЯ
9.15 Т/С «ЛИТЕЙНЫЙ, 4» (16+)
12.00 ВОЕННЫЕ НОВОСТИ
12.05 Т/С «ЛИТЕЙНЫЙ, 4» (16+)
16.00 ВОЕННЫЕ НОВОСТИ
16.05 Т/С «ЛИТЕЙНЫЙ, 4» (16+)
18.15 Д/С «ОРУЖИЕ ХХ ВЕКА» (12+)
18.40 Д/С «ПВО: СТРАЖИ НЕБА» (12+)
19.35 ЛЕГЕНДЫ КИНО (6+)
20.20 КОД ДОСТУПА (12+)
21.10 СПЕЦИАЛЬНЫЙ РЕПОРТАЖ (12+)
21.35 ОТКРЫТЫЙ ЭФИР (12+)
23.00 НОВОСТИ ДНЯ
23.15 МЕЖДУ ТЕМ (12+)
23.45 Т/С «ВЕЧНЫЙ ЗОВ» (12+)
10 МАТЧ!
5.40 ОБЗОР ЛИГИ ЧЕМПИОНОВ (12+)
6.10 Х/Ф «НОКАУТ» (16+)
8.00 «НОВОСТИ» (16+)
8.30 «ТЕХНОЛОГИИ КОМФОРТА» (16+)
9.00 «НОВОСТИ» (16+)
9.35 «АВТОNEWS» (16+)
10.00 «НОВОСТИ» (16+)
10.30 «ТЕХНОЛОГИИ КОМФОРТА» (16+)
11.00 ФУТБОЛ. «НАПОЛИ» - «ЦРВЕНА ЗВЕЗДА»
13.05 ВСЕ НА МАТЧ!
13.40 ФУТБОЛ. ПСВ (НИДЕРЛАНДЫ) — «БАРСЕЛОНА»
15.40 «ЦСКА - «ВИКТОРИЯ». LIVE» (12+)
16.10 ВСЕ НА МАТЧ!
17.05 ФУТБОЛ. «ТОТТЕНХЭМ» - «ИНТЕР» (ИТАЛИЯ)
19.05 «ИНТЕРВЬЮ» (16+)
19.35 «НОВОСТИ» (16+)
20.00 ФУТБОЛ. «СПАРТАК» (РОССИЯ) - «РАПИД»
22.45 ФУТБОЛ. «ЗЕНИТ» (РОССИЯ) - «КОПЕНГАГЕН»
00.55 ГАНДБОЛ. ЖЕНЩИНЫ. РОССИЯ - ФРАНЦИЯ
02.45 ВСЕ НА МАТЧ!
03.30 БАСКЕТБОЛ. МУЖЧИНЫ. «РЕАЛ» - ЦСКА (РОССИЯ)
Че
6.00 МУЛЬТФИЛЬМЫ
7.30 УЛЕТНОЕ ВИДЕО (16+)
7.50 УДАЧНАЯ ПОКУПКА (16+)
8.10 ДОРОЖНЫЕ ВОЙНЫ (16+)
10.00 ДОРОЖНЫЕ ВОЙНЫ (16+)
11.00 РЕШАЛА (16+)
13.00 ИДЕАЛЬНЫЙ УЖИН (16+)
14.00 Т/С «ПЯТНИЦКИЙ. ГЛАВА ЧЕТВЁРТАЯ» (16+)
18.00 ДОРОЖНЫЕ ВОЙНЫ (16+)
21.00 НЕВЕРОЯТНЫЕ ИСТОРИИ. ДАЙДЖЕСТ (16+)
21.30 РЕШАЛА (16+)
23.30 ШУТНИКИ (16+)
00.00 +100500 (18+)
01.00 Х/Ф «ПЯТАЯ ЗАПОВЕДЬ» (18+)
02.45 Х/Ф «ВЕРДИКТ ЗА ДЕНЬГИ» (12+)
ОТВ
4.30, 5.30 «СОБЫТИЯ» (16+)
5.00, 11.40, 13.30 «ПАТРУЛЬНЫЙ УЧАСТОК» (16+)
5.20 «ДЕЙСТВУЮЩИЕ ЛИЦА» (16+)
6.00, 12.30 НОВОСТИ ТАУ (16+)
7.05 МУЛЬТФИЛЬМЫ
8.00 «УТРЕННИЙ ЭКСПРЕСС»
9.00 Т/С «ПЫЛЬНАЯ РАБОТА», 7 И 8 СЕРИИ (16+)
10.35 МУЛЬТФИЛЬМЫ
12.00 «ПОЕХАЛИ ПО УРАЛУ» (12+)
12.10 «ПАРЛАМЕНТСКОЕ ВРЕМЯ» (16+)
13.55 «С ЧЕГО НАЧИНАЕТСЯ РОДИНА» (12+)
14.30 «ЧАС ВЕТЕРАНА» (16+)
14.50 Д/Ф «УРАЛ. ЗАСЕЛЕНИЕ» (12+)
15.25 Т/С «ПЫЛЬНАЯ РАБОТА», 7 И 8 СЕРИИ (16+)
17.00 «КАБИНЕТ МИНИСТРОВ» (16+)
17.10 Х/Ф «РОДСТВЕННИК» (16+)
19.00 «СОБЫТИЯ. ИТОГИ ДНЯ»
20.30, 22.00 «СОБЫТИЯ»
21.00, 01.45 НОВОСТИ ТАУ (16+)
22.40, 00.40 «ПАТРУЛЬНЫЙ УЧАСТОК» (16+)
23.00 Х/Ф «РЕПОРТАЖ СУДЬБЫ» (16+)
01.00 «НОЧЬ В ФИЛАРМОНИИ»
02.45 «КАБИНЕТ МИНИСТРОВ» (16+)
03.00 «СОБЫТИЯ. ИТОГИ ДНЯ» (12+)
5
4.10 Т/С «ДЕТЕКТИВЫ» (16+)
4.35 Т/С «ГЛУХАРЬ» (16+)
5.00 ИЗВЕСТИЯ
5.25 Т/С «ГЛУХАРЬ» (16+)
8.35 ДЕНЬ АНГЕЛА
9.00 ИЗВЕСТИЯ
9.25 Т/С «ПЕТРОВИЧ» (16+)
13.00 ИЗВЕСТИЯ
13.25 Т/С «ГЛУХАРЬ» (16+)
18.50 Т/С «СЛЕД» (16+)
22.00 ИЗВЕСТИЯ
22.25 Т/С «СЛЕД» (16+)
23.15 Т/С «СЛЕД» (16+)
00.00 ИЗВЕСТИЯ. ИТОГОВЫЙ ВЫПУСК
00.25 Т/С «СЛЕД» (16+)
01.10 Т/С «ДЕТЕКТИВЫ» (16+)
03.35 ИЗВЕСТИЯ
03.40 Т/С «ДЕТЕКТИВЫ» (16+)
